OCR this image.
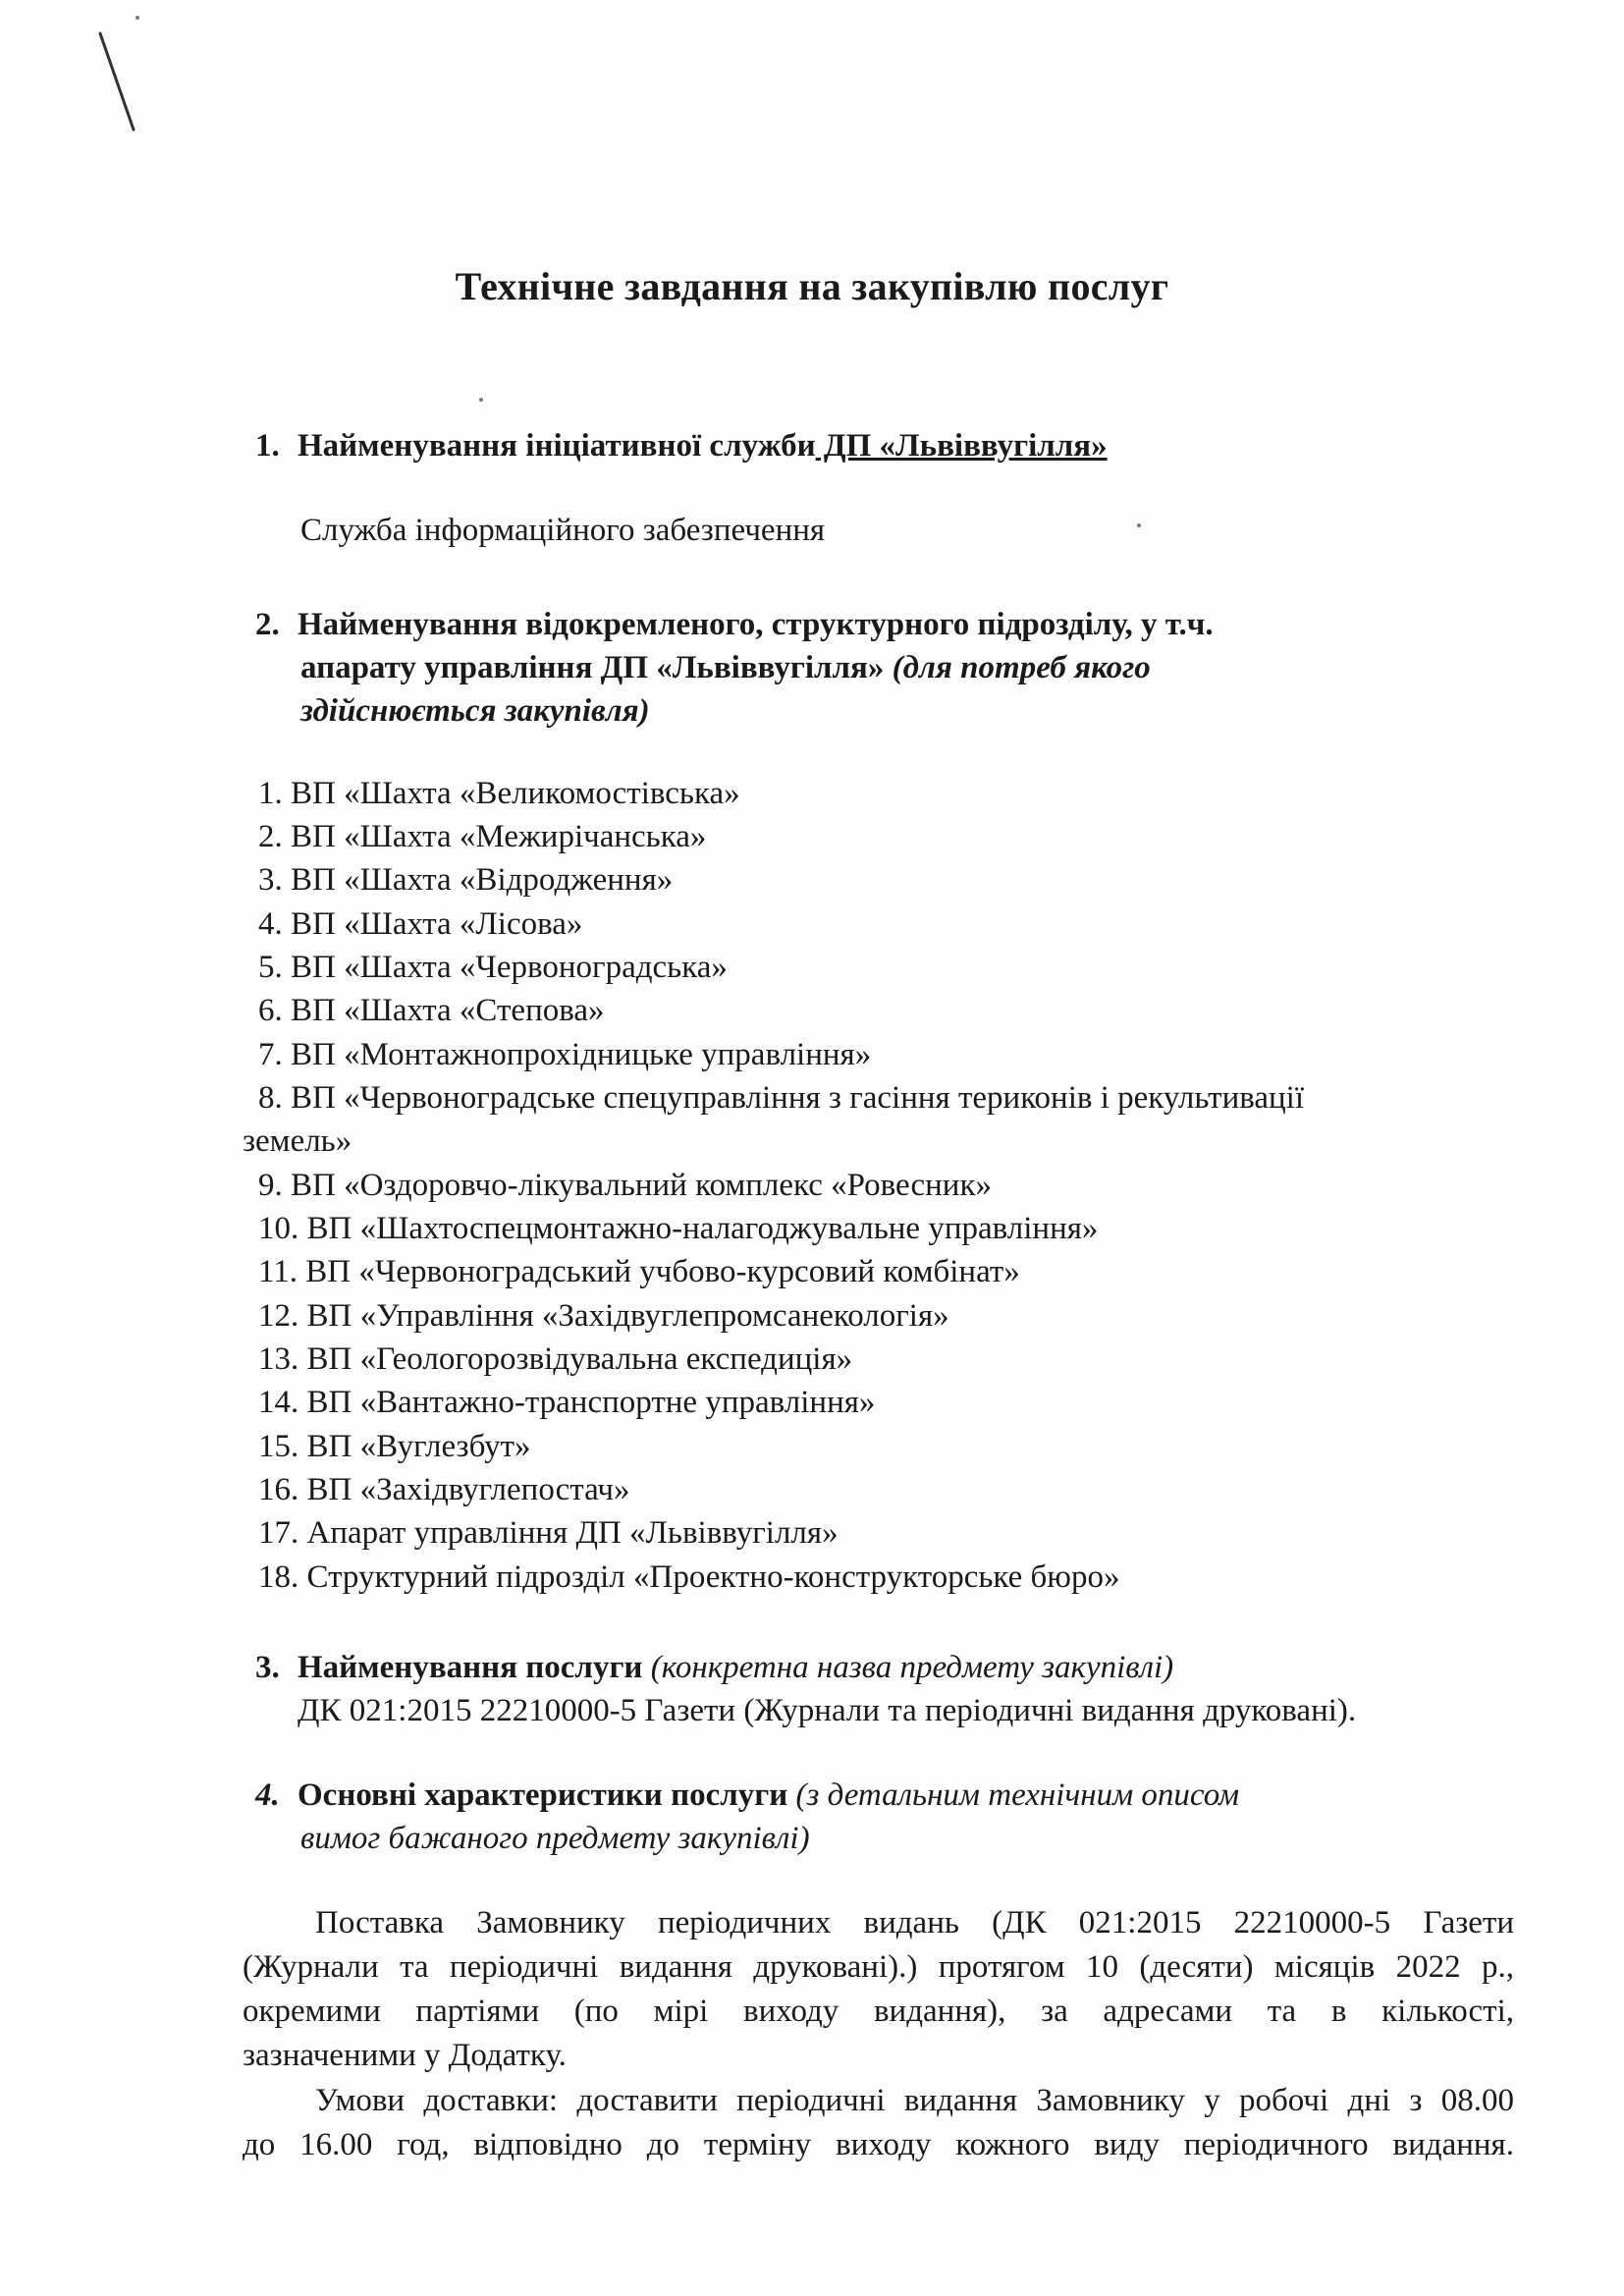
Технічне завдання на закупівлю послуг
1. Найменування ініціативної служби ДП «Львіввугілля»
Служба інформаційного забезпечення
2. Найменування відокремленого, структурного підрозділу, у т.ч.
апарату управління ДП «Львіввугілля» (для потреб якого
здійснюється закупівля)
1. ВП «Шахта «Великомостівська»
2. ВП «Шахта «Межирічанська»
3. ВП «Шахта «Відродження»
4. ВП «Шахта «Лісова»
5. ВП «Шахта «Червоноградська»
6. ВП «Шахта «Степова»
7. ВП «Монтажнопрохідницьке управління»
8. ВП «Червоноградське спецуправління з гасіння териконів і рекультивації
земель»
9. ВП «Оздоровчо-лікувальний комплекс «Ровесник»
10. ВП «Шахтоспецмонтажно-налагоджувальне управління»
11. ВП «Червоноградський учбово-курсовий комбінат»
12. ВП «Управління «Західвуглепромсанекологія»
13. ВП «Геологорозвідувальна експедиція»
14. ВП «Вантажно-транспортне управління»
15. ВП «Вуглезбут»
16. ВП «Західвуглепостач»
17. Апарат управління ДП «Львіввугілля»
18. Структурний підрозділ «Проектно-конструкторське бюро»
3. Найменування послуги (конкретна назва предмету закупівлі)
ДК 021:2015 22210000-5 Газети (Журнали та періодичні видання друковані).
4. Основні характеристики послуги (з детальним технічним описом
вимог бажаного предмету закупівлі)
Поставка Замовнику періодичних видань (ДК 021:2015 22210000-5 Газети
(Журнали та періодичні видання друковані).) протягом 10 (десяти) місяців 2022 р.,
окремими партіями (по мірі виходу видання), за адресами та в кількості,
зазначеними у Додатку.
Умови доставки: доставити періодичні видання Замовнику у робочі дні з 08.00
до 16.00 год, відповідно до терміну виходу кожного виду періодичного видання.
